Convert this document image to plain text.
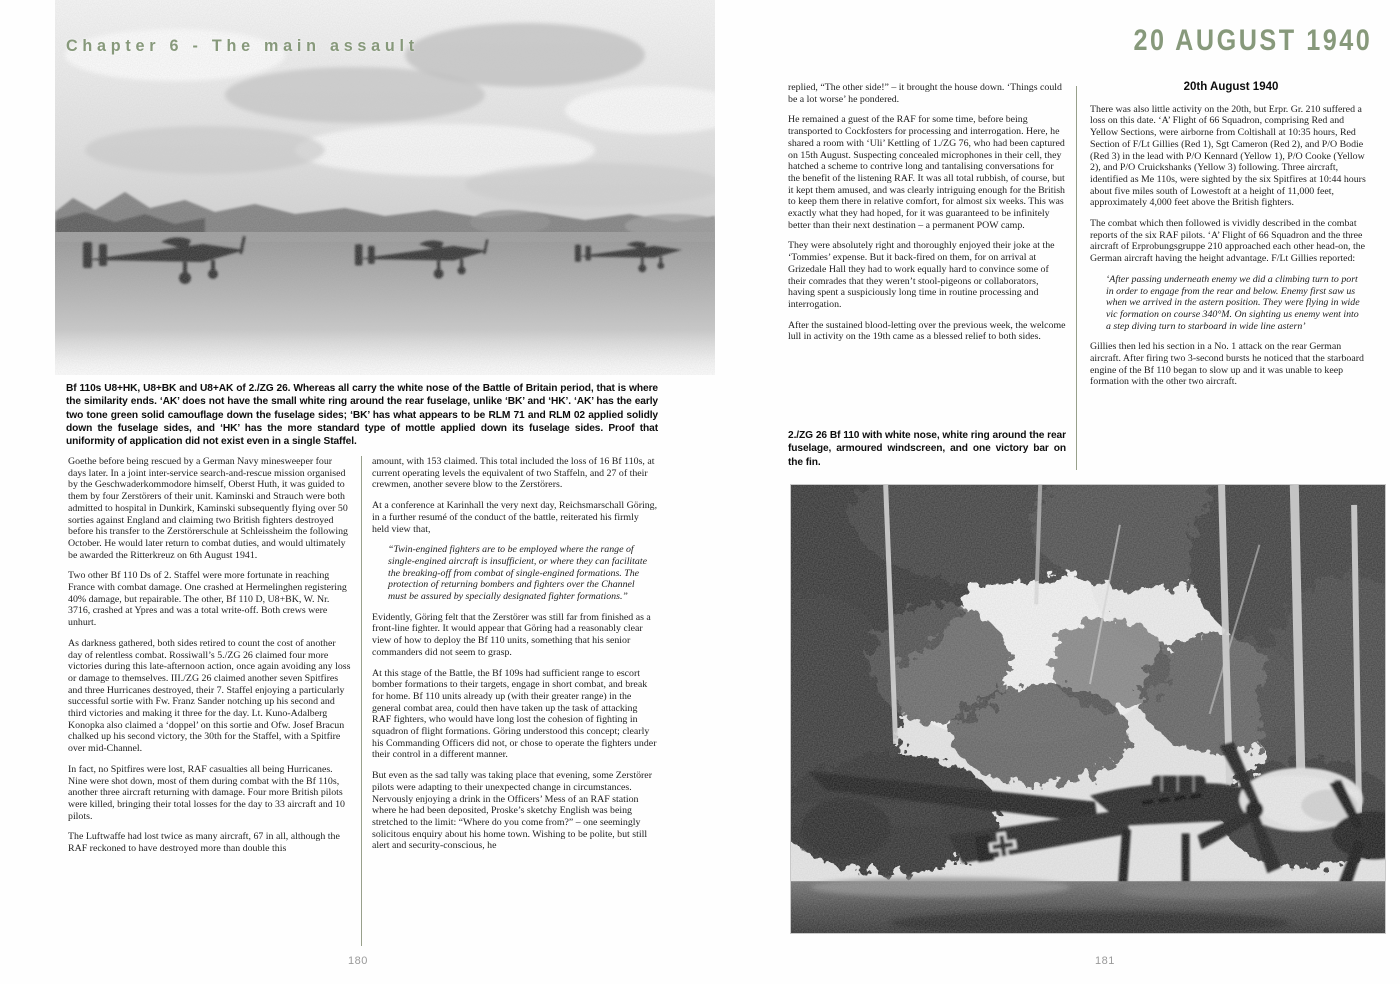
Chapter 6 - The main assault

Bf 110s U8+HK, U8+BK and U8+AK of 2./ZG 26. Whereas all carry the white nose of the Battle of Britain period, that is where the similarity ends. ‘AK’ does not have the small white ring around the rear fuselage, unlike ‘BK’ and ‘HK’. ‘AK’ has the early two tone green solid camouflage down the fuselage sides; ‘BK’ has what appears to be RLM 71 and RLM 02 applied solidly down the fuselage sides, and ‘HK’ has the more standard type of mottle applied down its fuselage sides. Proof that uniformity of application did not exist even in a single Staffel.

Goethe before being rescued by a German Navy minesweeper four days later. In a joint inter-service search-and-rescue mission organised by the Geschwaderkommodore himself, Oberst Huth, it was guided to them by four Zerstörers of their unit. Kaminski and Strauch were both admitted to hospital in Dunkirk, Kaminski subsequently flying over 50 sorties against England and claiming two British fighters destroyed before his transfer to the Zerstörerschule at Schleissheim the following October. He would later return to combat duties, and would ultimately be awarded the Ritterkreuz on 6th August 1941.

Two other Bf 110 Ds of 2. Staffel were more fortunate in reaching France with combat damage. One crashed at Hermelinghen registering 40% damage, but repairable. The other, Bf 110 D, U8+BK, W. Nr. 3716, crashed at Ypres and was a total write-off. Both crews were unhurt.

As darkness gathered, both sides retired to count the cost of another day of relentless combat. Rossiwall’s 5./ZG 26 claimed four more victories during this late-afternoon action, once again avoiding any loss or damage to themselves. III./ZG 26 claimed another seven Spitfires and three Hurricanes destroyed, their 7. Staffel enjoying a particularly successful sortie with Fw. Franz Sander notching up his second and third victories and making it three for the day. Lt. Kuno-Adalberg Konopka also claimed a ‘doppel’ on this sortie and Ofw. Josef Bracun chalked up his second victory, the 30th for the Staffel, with a Spitfire over mid-Channel.

In fact, no Spitfires were lost, RAF casualties all being Hurricanes. Nine were shot down, most of them during combat with the Bf 110s, another three aircraft returning with damage. Four more British pilots were killed, bringing their total losses for the day to 33 aircraft and 10 pilots.

The Luftwaffe had lost twice as many aircraft, 67 in all, although the RAF reckoned to have destroyed more than double this

amount, with 153 claimed. This total included the loss of 16 Bf 110s, at current operating levels the equivalent of two Staffeln, and 27 of their crewmen, another severe blow to the Zerstörers.

At a conference at Karinhall the very next day, Reichsmarschall Göring, in a further resumé of the conduct of the battle, reiterated his firmly held view that,

“Twin-engined fighters are to be employed where the range of single-engined aircraft is insufficient, or where they can facilitate the breaking-off from combat of single-engined formations. The protection of returning bombers and fighters over the Channel must be assured by specially designated fighter formations.”

Evidently, Göring felt that the Zerstörer was still far from finished as a front-line fighter. It would appear that Göring had a reasonably clear view of how to deploy the Bf 110 units, something that his senior commanders did not seem to grasp.

At this stage of the Battle, the Bf 109s had sufficient range to escort bomber formations to their targets, engage in short combat, and break for home. Bf 110 units already up (with their greater range) in the general combat area, could then have taken up the task of attacking RAF fighters, who would have long lost the cohesion of fighting in squadron of flight formations. Göring understood this concept; clearly his Commanding Officers did not, or chose to operate the fighters under their control in a different manner.

But even as the sad tally was taking place that evening, some Zerstörer pilots were adapting to their unexpected change in circumstances. Nervously enjoying a drink in the Officers’ Mess of an RAF station where he had been deposited, Proske’s sketchy English was being stretched to the limit: “Where do you come from?” – one seemingly solicitous enquiry about his home town. Wishing to be polite, but still alert and security-conscious, he

180
20 AUGUST 1940

replied, “The other side!” – it brought the house down. ‘Things could be a lot worse’ he pondered.

He remained a guest of the RAF for some time, before being transported to Cockfosters for processing and interrogation. Here, he shared a room with ‘Uli’ Kettling of 1./ZG 76, who had been captured on 15th August. Suspecting concealed microphones in their cell, they hatched a scheme to contrive long and tantalising conversations for the benefit of the listening RAF. It was all total rubbish, of course, but it kept them amused, and was clearly intriguing enough for the British to keep them there in relative comfort, for almost six weeks. This was exactly what they had hoped, for it was guaranteed to be infinitely better than their next destination – a permanent POW camp.

They were absolutely right and thoroughly enjoyed their joke at the ‘Tommies’ expense. But it back-fired on them, for on arrival at Grizedale Hall they had to work equally hard to convince some of their comrades that they weren’t stool-pigeons or collaborators, having spent a suspiciously long time in routine processing and interrogation.

After the sustained blood-letting over the previous week, the welcome lull in activity on the 19th came as a blessed relief to both sides.

2./ZG 26 Bf 110 with white nose, white ring around the rear fuselage, armoured windscreen, and one victory bar on the fin.

20th August 1940

There was also little activity on the 20th, but Erpr. Gr. 210 suffered a loss on this date. ‘A’ Flight of 66 Squadron, comprising Red and Yellow Sections, were airborne from Coltishall at 10:35 hours, Red Section of F/Lt Gillies (Red 1), Sgt Cameron (Red 2), and P/O Bodie (Red 3) in the lead with P/O Kennard (Yellow 1), P/O Cooke (Yellow 2), and P/O Cruickshanks (Yellow 3) following. Three aircraft, identified as Me 110s, were sighted by the six Spitfires at 10:44 hours about five miles south of Lowestoft at a height of 11,000 feet, approximately 4,000 feet above the British fighters.

The combat which then followed is vividly described in the combat reports of the six RAF pilots. ‘A’ Flight of 66 Squadron and the three aircraft of Erprobungsgruppe 210 approached each other head-on, the German aircraft having the height advantage. F/Lt Gillies reported:

‘After passing underneath enemy we did a climbing turn to port in order to engage from the rear and below. Enemy first saw us when we arrived in the astern position. They were flying in wide vic formation on course 340°M. On sighting us enemy went into a step diving turn to starboard in wide line astern’

Gillies then led his section in a No. 1 attack on the rear German aircraft. After firing two 3-second bursts he noticed that the starboard engine of the Bf 110 began to slow up and it was unable to keep formation with the other two aircraft.

181
